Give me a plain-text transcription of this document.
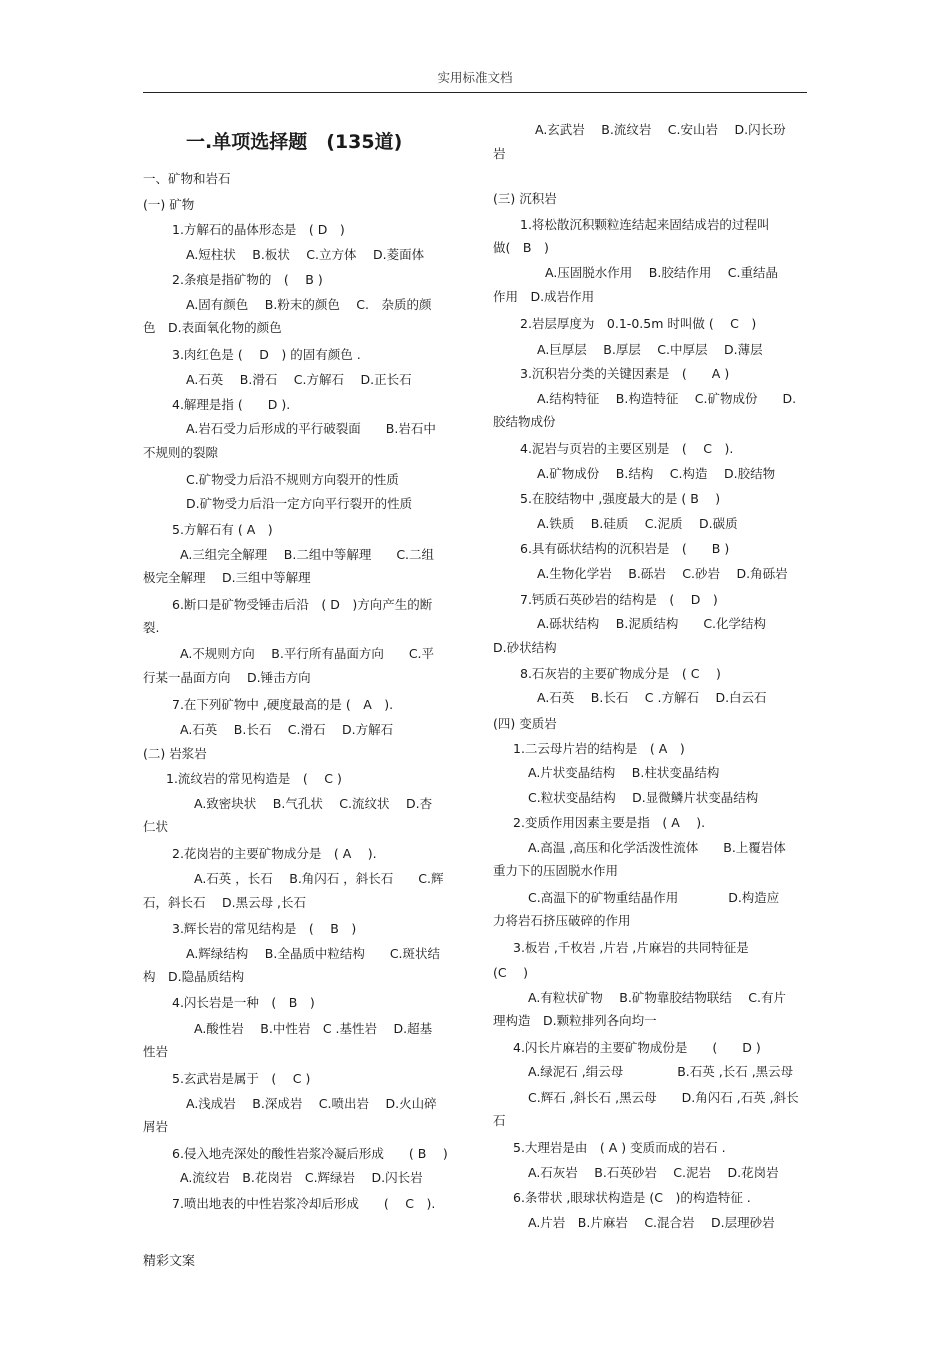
实用标准文档
一.单项选择题　(135道)
一、矿物和岩石
(一) 矿物
1.方解石的晶体形态是　( D　)
A.短柱状　 B.板状　 C.立方体　 D.菱面体
2.条痕是指矿物的　(　 B )
A.固有颜色　 B.粉末的颜色　 C.　杂质的颜
色　D.表面氧化物的颜色
3.肉红色是 (　 D　) 的固有颜色 .
A.石英　 B.滑石　 C.方解石　 D.正长石
4.解理是指 (　　D ).
A.岩石受力后形成的平行破裂面　　B.岩石中
不规则的裂隙
C.矿物受力后沿不规则方向裂开的性质
D.矿物受力后沿一定方向平行裂开的性质
5.方解石有 ( A　)
A.三组完全解理　 B.二组中等解理　　C.二组
极完全解理　 D.三组中等解理
6.断口是矿物受锤击后沿　( D　)方向产生的断
裂.
A.不规则方向　 B.平行所有晶面方向　　C.平
行某一晶面方向　 D.锤击方向
7.在下列矿物中 ,硬度最高的是 (　A　).
A.石英　 B.长石　 C.滑石　 D.方解石
(二) 岩浆岩
1.流纹岩的常见构造是　(　 C )
A.致密块状　 B.气孔状　 C.流纹状　 D.杏
仁状
2.花岗岩的主要矿物成分是　( A　 ).
A.石英 ，长石　 B.角闪石 ，斜长石　　C.辉
石，斜长石　 D.黑云母 ,长石
3.辉长岩的常见结构是　(　 B　)
A.辉绿结构　 B.全晶质中粒结构　　C.斑状结
构　D.隐晶质结构
4.闪长岩是一种　(　B　)
A.酸性岩　 B.中性岩　C .基性岩　 D.超基
性岩
5.玄武岩是属于　(　 C )
A.浅成岩　 B.深成岩　 C.喷出岩　 D.火山碎
屑岩
6.侵入地壳深处的酸性岩浆冷凝后形成　　( B　 )
A.流纹岩　B.花岗岩　C.辉绿岩　 D.闪长岩
7.喷出地表的中性岩浆冷却后形成　　(　 C　).
A.玄武岩　 B.流纹岩　 C.安山岩　 D.闪长玢
岩
(三) 沉积岩
1.将松散沉积颗粒连结起来固结成岩的过程叫
做(　B　)
A.压固脱水作用　 B.胶结作用　 C.重结晶
作用　D.成岩作用
2.岩层厚度为　0.1-0.5m 时叫做 (　 C　)
A.巨厚层　 B.厚层　 C.中厚层　 D.薄层
3.沉积岩分类的关键因素是　(　　A )
A.结构特征　 B.构造特征　 C.矿物成份　　D.
胶结物成份
4.泥岩与页岩的主要区别是　(　 C　).
A.矿物成份　 B.结构　 C.构造　 D.胶结物
5.在胶结物中 ,强度最大的是 ( B　 )
A.铁质　 B.硅质　 C.泥质　 D.碳质
6.具有砾状结构的沉积岩是　(　　B )
A.生物化学岩　 B.砾岩　 C.砂岩　 D.角砾岩
7.钙质石英砂岩的结构是　(　 D　)
A.砾状结构　 B.泥质结构　　C.化学结构
D.砂状结构
8.石灰岩的主要矿物成分是　( C　 )
A.石英　 B.长石　 C .方解石　 D.白云石
(四) 变质岩
1.二云母片岩的结构是　( A　)
A.片状变晶结构　 B.柱状变晶结构
C.粒状变晶结构　 D.显微鳞片状变晶结构
2.变质作用因素主要是指　( A　 ).
A.高温 ,高压和化学活泼性流体　　B.上覆岩体
重力下的压固脱水作用
C.高温下的矿物重结晶作用　　　　D.构造应
力将岩石挤压破碎的作用
3.板岩 ,千枚岩 ,片岩 ,片麻岩的共同特征是
(C　 )
A.有粒状矿物　 B.矿物靠胶结物联结　 C.有片
理构造　D.颗粒排列各向均一
4.闪长片麻岩的主要矿物成份是　　(　　D )
A.绿泥石 ,绢云母　　　　 B.石英 ,长石 ,黑云母
C.辉石 ,斜长石 ,黑云母　　D.角闪石 ,石英 ,斜长
石
5.大理岩是由　( A ) 变质而成的岩石 .
A.石灰岩　 B.石英砂岩　 C.泥岩　 D.花岗岩
6.条带状 ,眼球状构造是 (C　)的构造特征 .
A.片岩　B.片麻岩　 C.混合岩　 D.层理砂岩
精彩文案
